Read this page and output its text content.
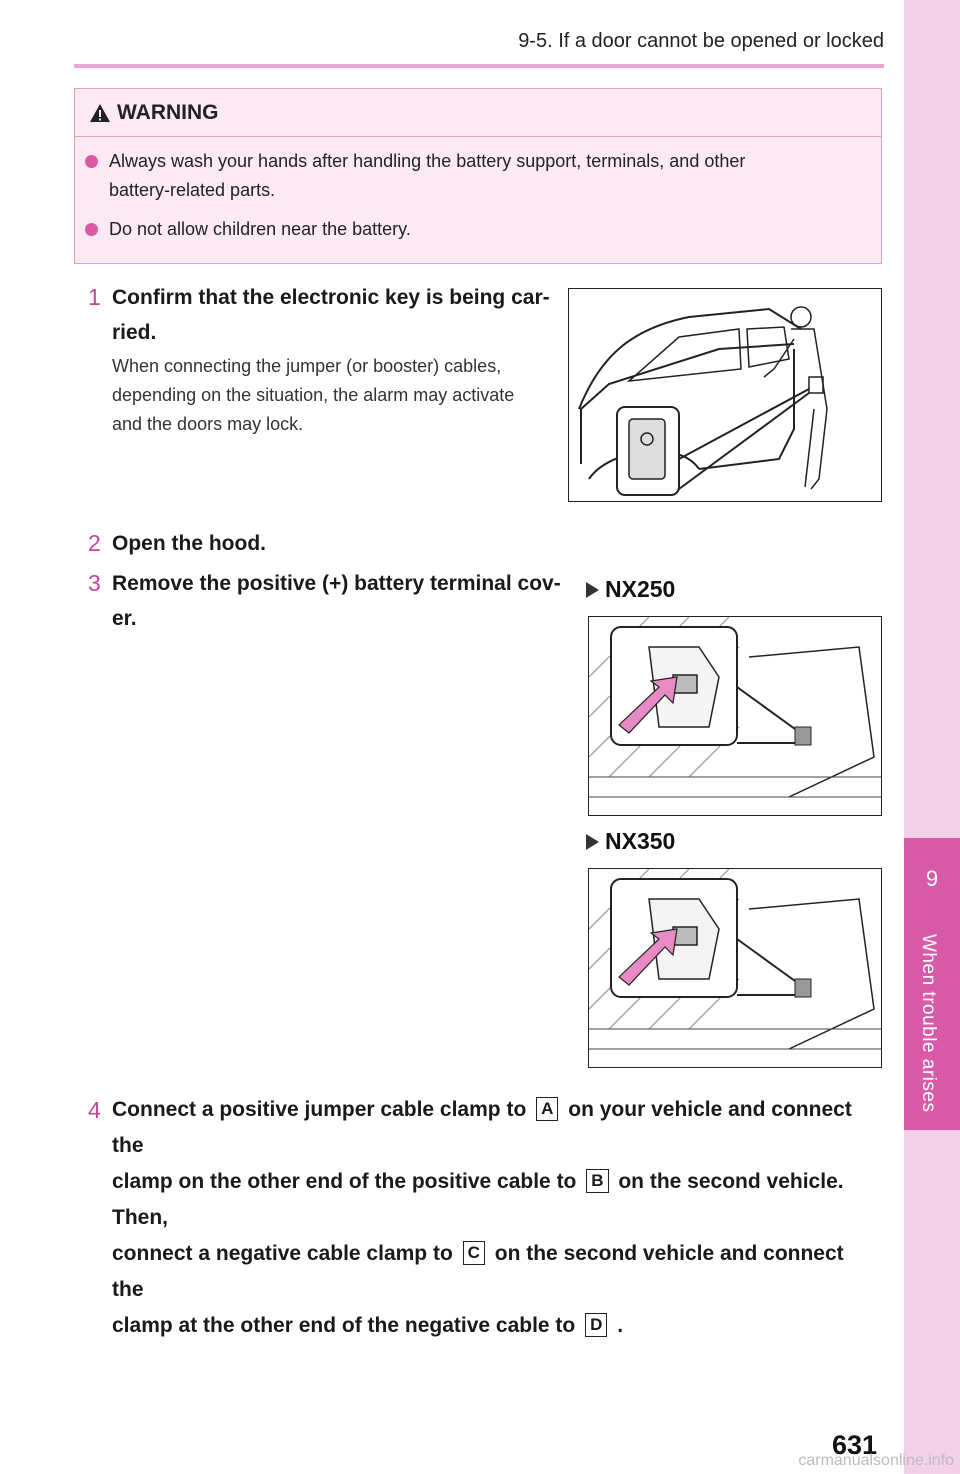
9
When trouble arises
9-5. If a door cannot be opened or locked
WARNING
Always wash your hands after handling the battery support, terminals, and other
battery-related parts.
Do not allow children near the battery.
1 Confirm that the electronic key is being car-
ried.
When connecting the jumper (or booster) cables,
depending on the situation, the alarm may activate
and the doors may lock.
2 Open the hood.
3 Remove the positive (+) battery terminal cov-
er.
NX250
NX350
4 Connect a positive jumper cable clamp to A on your vehicle and connect the
clamp on the other end of the positive cable to B on the second vehicle. Then,
connect a negative cable clamp to C on the second vehicle and connect the
clamp at the other end of the negative cable to D .
631
carmanualsonline.info
